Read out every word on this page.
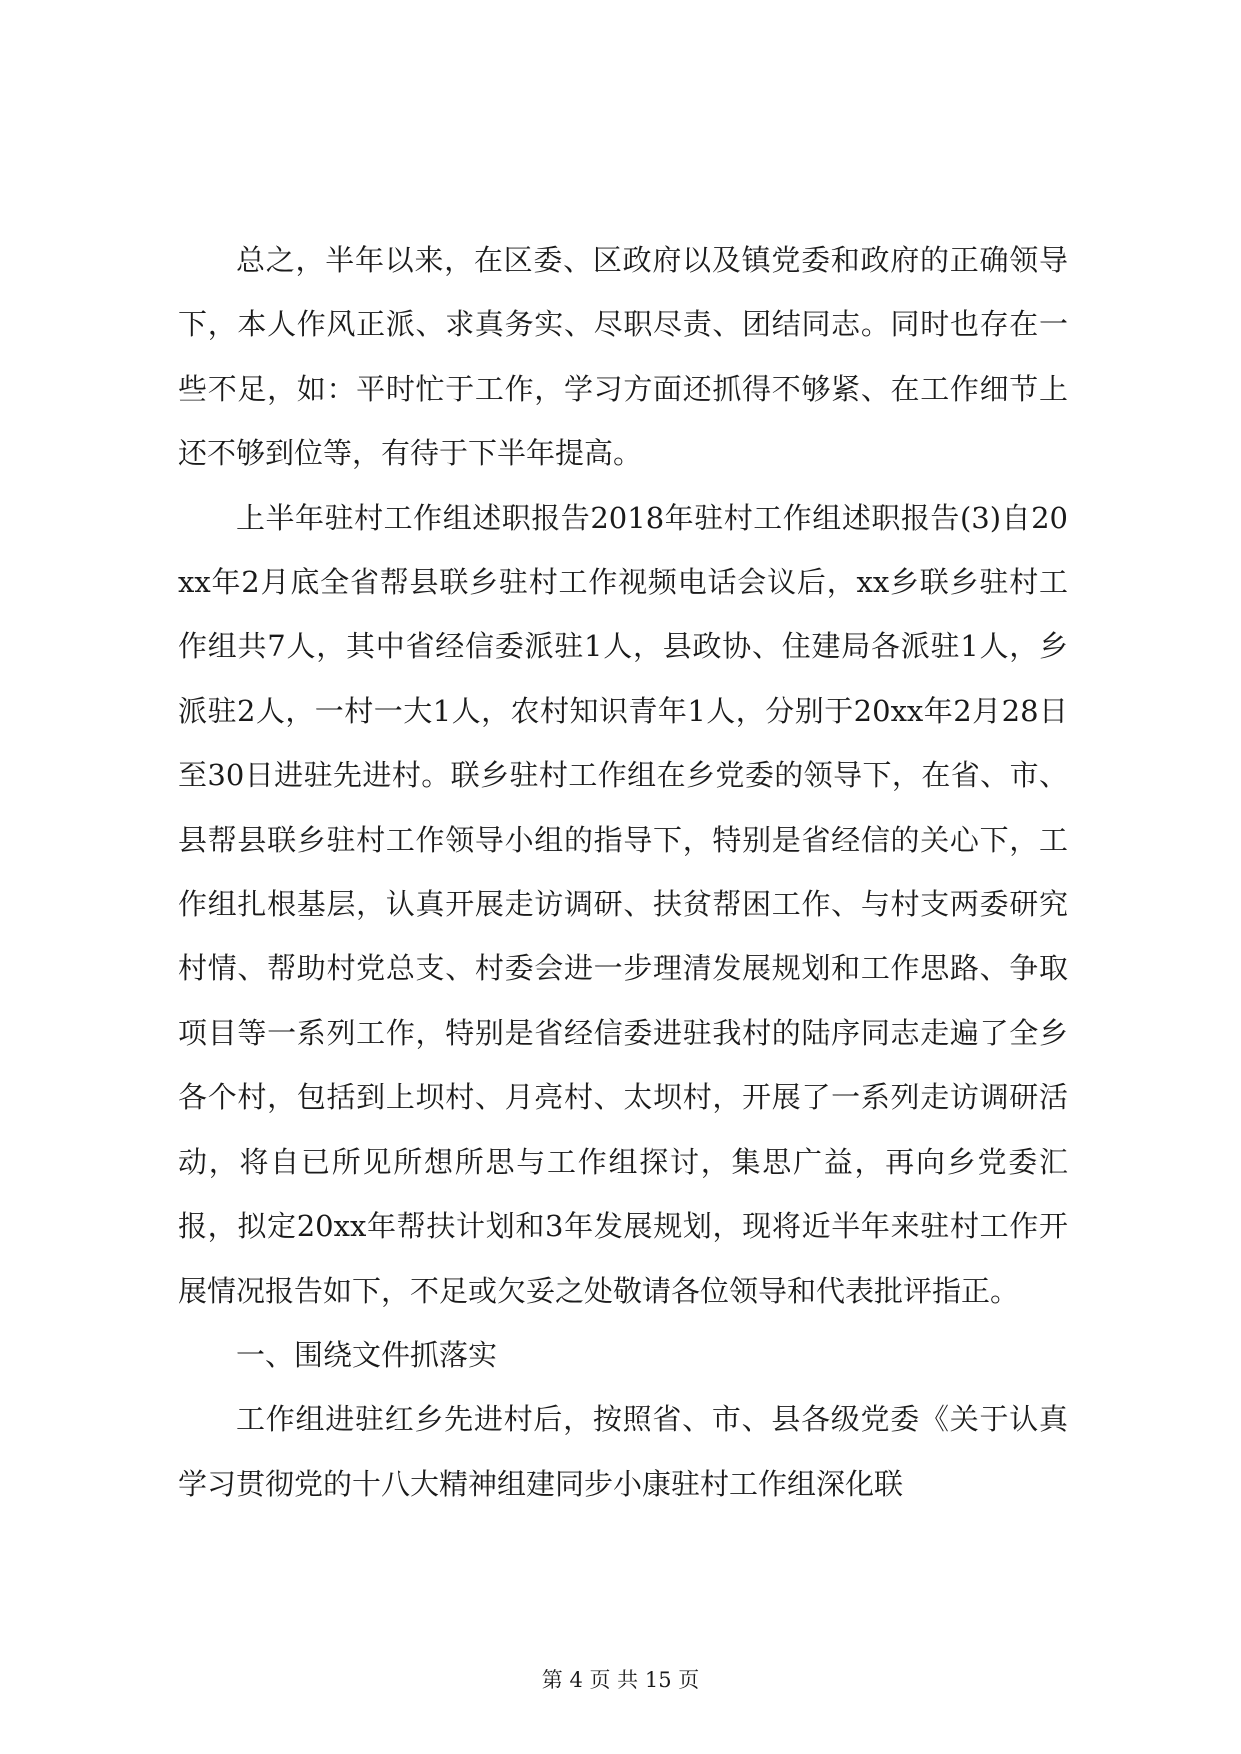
总之，半年以来，在区委、区政府以及镇党委和政府的正确领导下，本人作风正派、求真务实、尽职尽责、团结同志。同时也存在一些不足，如：平时忙于工作，学习方面还抓得不够紧、在工作细节上还不够到位等，有待于下半年提高。

上半年驻村工作组述职报告2018年驻村工作组述职报告(3)自20xx年2月底全省帮县联乡驻村工作视频电话会议后，xx乡联乡驻村工作组共7人，其中省经信委派驻1人，县政协、住建局各派驻1人，乡派驻2人，一村一大1人，农村知识青年1人，分别于20xx年2月28日至30日进驻先进村。联乡驻村工作组在乡党委的领导下，在省、市、县帮县联乡驻村工作领导小组的指导下，特别是省经信的关心下，工作组扎根基层，认真开展走访调研、扶贫帮困工作、与村支两委研究村情、帮助村党总支、村委会进一步理清发展规划和工作思路、争取项目等一系列工作，特别是省经信委进驻我村的陆序同志走遍了全乡各个村，包括到上坝村、月亮村、太坝村，开展了一系列走访调研活动，将自已所见所想所思与工作组探讨，集思广益，再向乡党委汇报，拟定20xx年帮扶计划和3年发展规划，现将近半年来驻村工作开展情况报告如下，不足或欠妥之处敬请各位领导和代表批评指正。

一、围绕文件抓落实

工作组进驻红乡先进村后，按照省、市、县各级党委《关于认真学习贯彻党的十八大精神组建同步小康驻村工作组深化联

第 4 页 共 15 页
